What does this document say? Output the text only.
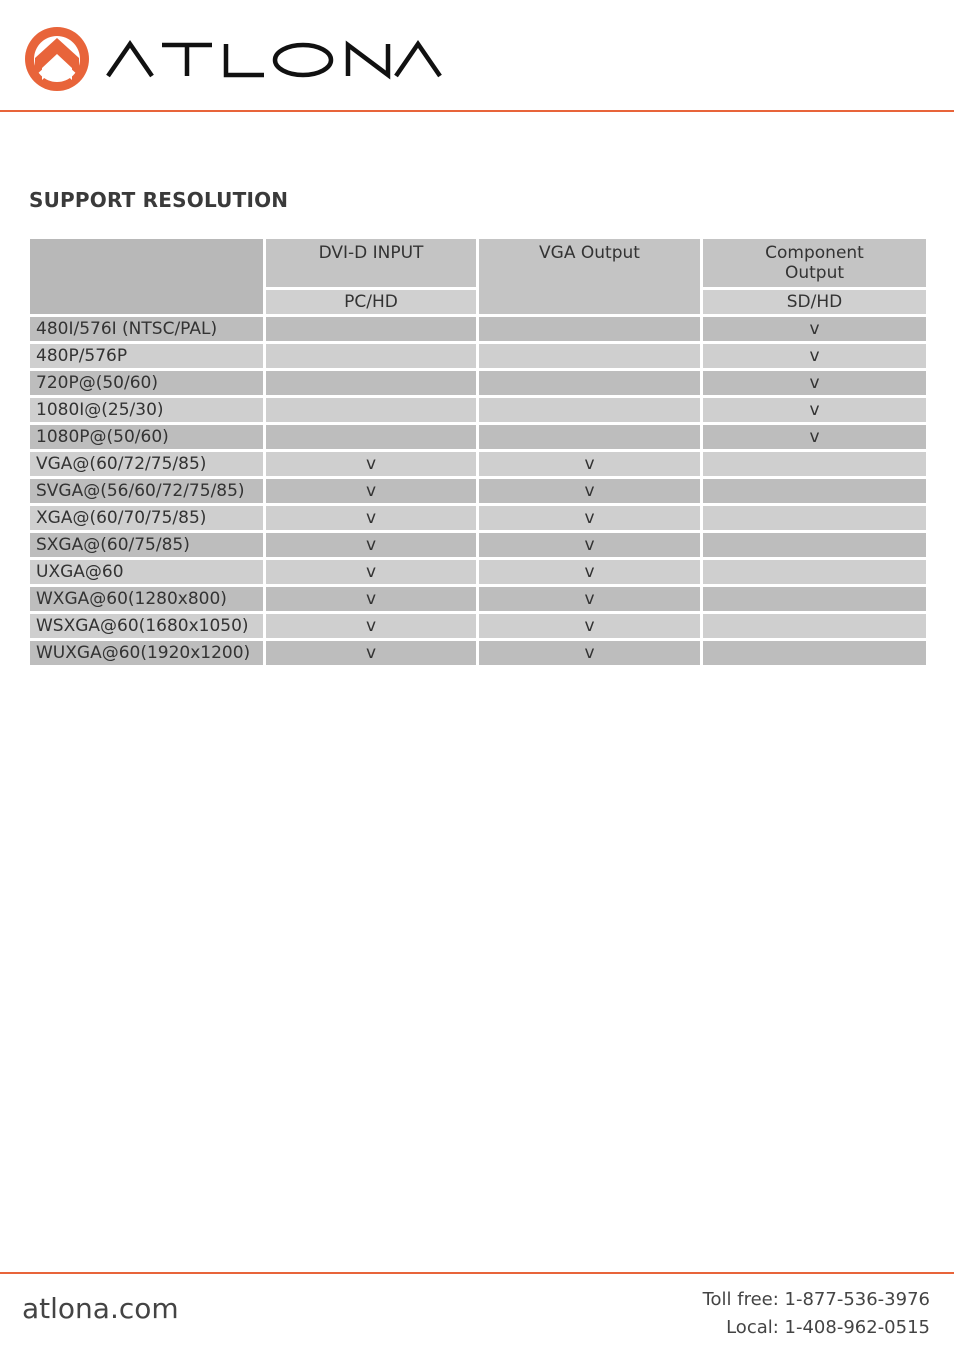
ATLONA
SUPPORT RESOLUTION
	DVI-D INPUT	VGA Output	Component Output
	PC/HD		SD/HD
480I/576I (NTSC/PAL)			v
480P/576P			v
720P@(50/60)			v
1080I@(25/30)			v
1080P@(50/60)			v
VGA@(60/72/75/85)	v	v	
SVGA@(56/60/72/75/85)	v	v	
XGA@(60/70/75/85)	v	v	
SXGA@(60/75/85)	v	v	
UXGA@60	v	v	
WXGA@60(1280x800)	v	v	
WSXGA@60(1680x1050)	v	v	
WUXGA@60(1920x1200)	v	v	
atlona.com	Toll free: 1-877-536-3976
Local: 1-408-962-0515
